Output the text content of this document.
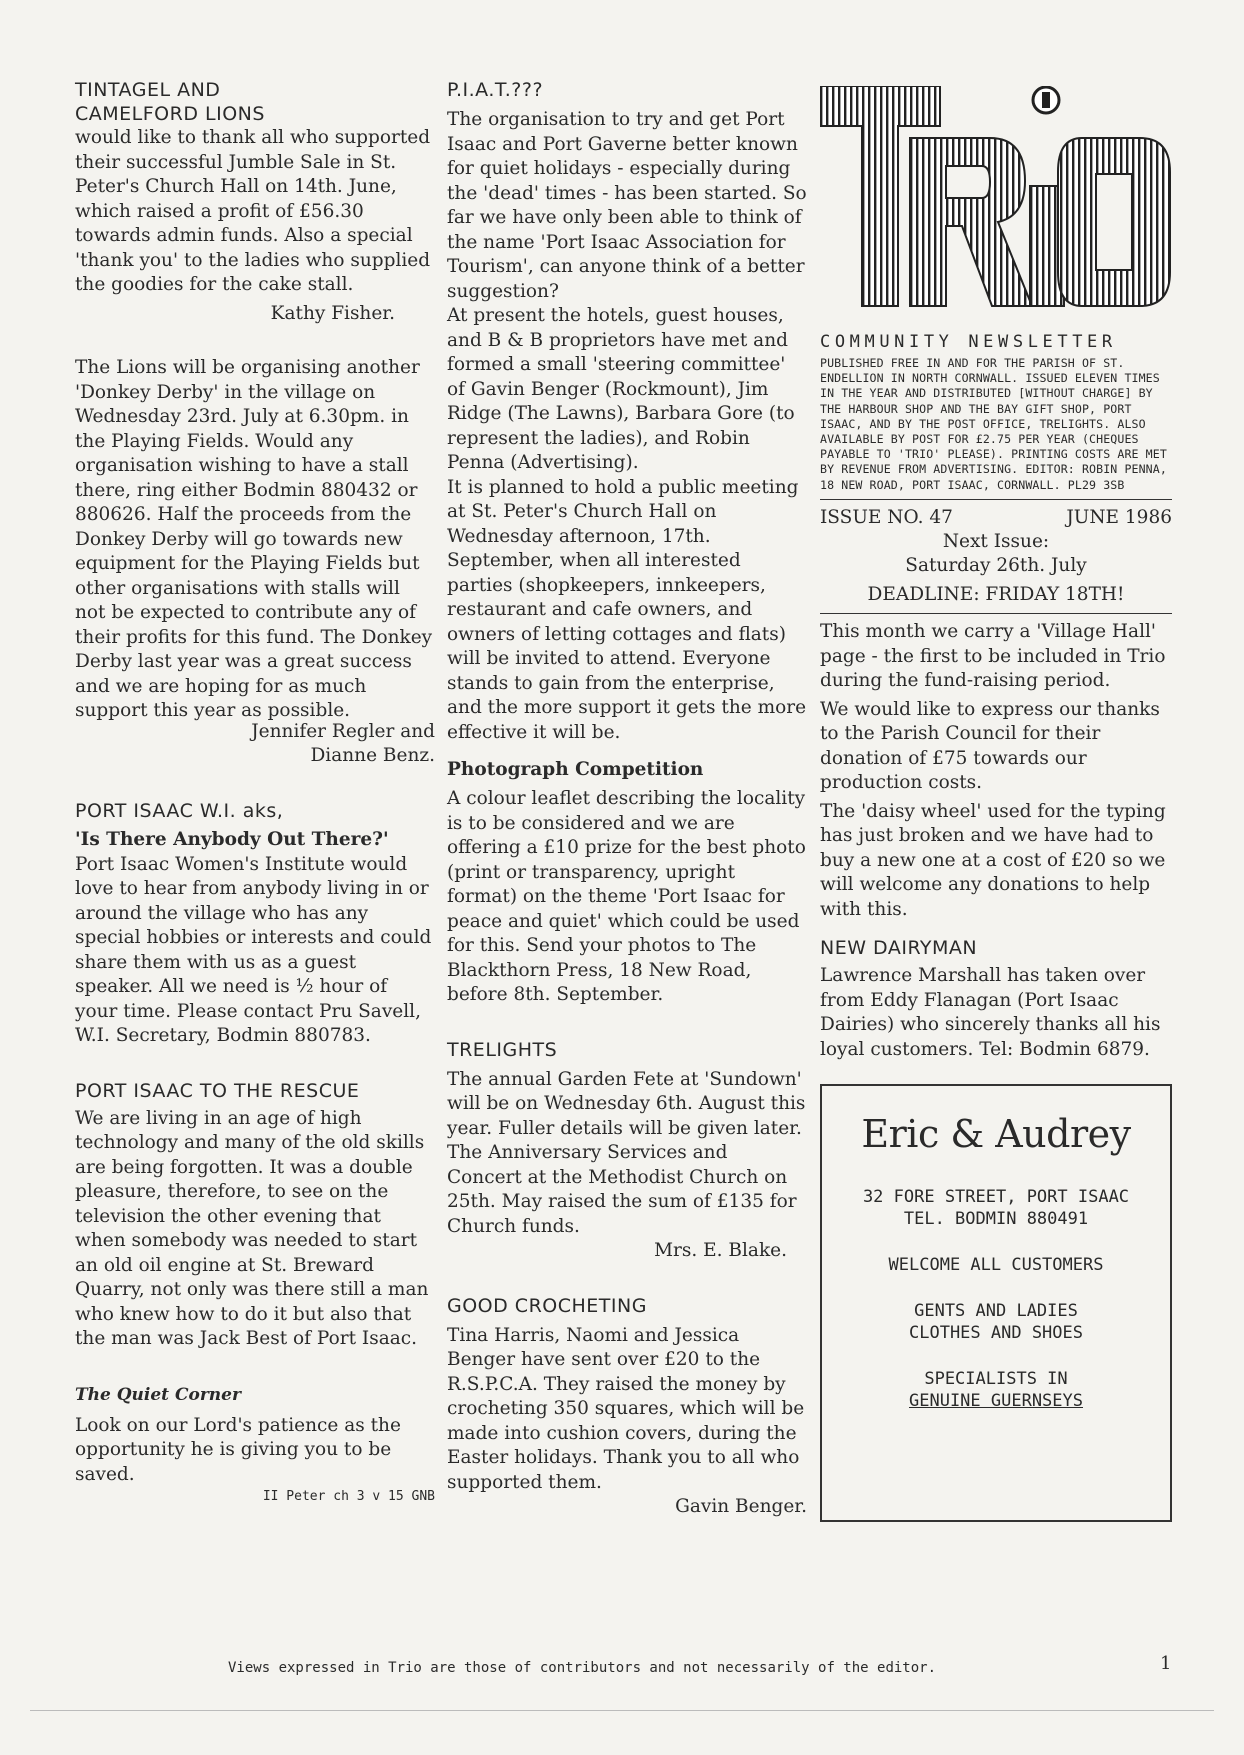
TINTAGEL AND
CAMELFORD LIONS

would like to thank all who supported their successful Jumble Sale in St. Peter's Church Hall on 14th. June, which raised a profit of £56.30 towards admin funds. Also a special 'thank you' to the ladies who supplied the goodies for the cake stall.

Kathy Fisher.

The Lions will be organising another 'Donkey Derby' in the village on Wednesday 23rd. July at 6.30pm. in the Playing Fields. Would any organisation wishing to have a stall there, ring either Bodmin 880432 or 880626. Half the proceeds from the Donkey Derby will go towards new equipment for the Playing Fields but other organisations with stalls will not be expected to contribute any of their profits for this fund. The Donkey Derby last year was a great success and we are hoping for as much support this year as possible.

Jennifer Regler and

Dianne Benz.

PORT ISAAC W.I. aks,

'Is There Anybody Out There?'

Port Isaac Women's Institute would love to hear from anybody living in or around the village who has any special hobbies or interests and could share them with us as a guest speaker. All we need is ½ hour of your time. Please contact Pru Savell, W.I. Secretary, Bodmin 880783.

PORT ISAAC TO THE RESCUE

We are living in an age of high technology and many of the old skills are being forgotten. It was a double pleasure, therefore, to see on the television the other evening that when somebody was needed to start an old oil engine at St. Breward Quarry, not only was there still a man who knew how to do it but also that the man was Jack Best of Port Isaac.

The Quiet Corner

Look on our Lord's patience as the opportunity he is giving you to be saved.

II Peter ch 3 v 15 GNB

P.I.A.T.???

The organisation to try and get Port Isaac and Port Gaverne better known for quiet holidays - especially during the 'dead' times - has been started. So far we have only been able to think of the name 'Port Isaac Association for Tourism', can anyone think of a better suggestion?

At present the hotels, guest houses, and B & B proprietors have met and formed a small 'steering committee' of Gavin Benger (Rockmount), Jim Ridge (The Lawns), Barbara Gore (to represent the ladies), and Robin Penna (Advertising).

It is planned to hold a public meeting at St. Peter's Church Hall on Wednesday afternoon, 17th. September, when all interested parties (shopkeepers, innkeepers, restaurant and cafe owners, and owners of letting cottages and flats) will be invited to attend. Everyone stands to gain from the enterprise, and the more support it gets the more effective it will be.

Photograph Competition

A colour leaflet describing the locality is to be considered and we are offering a £10 prize for the best photo (print or transparency, upright format) on the theme 'Port Isaac for peace and quiet' which could be used for this. Send your photos to The Blackthorn Press, 18 New Road, before 8th. September.

TRELIGHTS

The annual Garden Fete at 'Sundown' will be on Wednesday 6th. August this year. Fuller details will be given later.

The Anniversary Services and Concert at the Methodist Church on 25th. May raised the sum of £135 for Church funds.

Mrs. E. Blake.

GOOD CROCHETING

Tina Harris, Naomi and Jessica Benger have sent over £20 to the R.S.P.C.A. They raised the money by crocheting 350 squares, which will be made into cushion covers, during the Easter holidays. Thank you to all who supported them.

Gavin Benger.

TRiO

COMMUNITY NEWSLETTER

PUBLISHED FREE IN AND FOR THE PARISH OF ST. ENDELLION IN NORTH CORNWALL. ISSUED ELEVEN TIMES IN THE YEAR AND DISTRIBUTED [WITHOUT CHARGE] BY THE HARBOUR SHOP AND THE BAY GIFT SHOP, PORT ISAAC, AND BY THE POST OFFICE, TRELIGHTS. ALSO AVAILABLE BY POST FOR £2.75 PER YEAR (CHEQUES PAYABLE TO 'TRIO' PLEASE). PRINTING COSTS ARE MET BY REVENUE FROM ADVERTISING. EDITOR: ROBIN PENNA, 18 NEW ROAD, PORT ISAAC, CORNWALL. PL29 3SB

ISSUE NO. 47	JUNE 1986

Next Issue:

Saturday 26th. July

DEADLINE: FRIDAY 18TH!

This month we carry a 'Village Hall' page - the first to be included in Trio during the fund-raising period.

We would like to express our thanks to the Parish Council for their donation of £75 towards our production costs.

The 'daisy wheel' used for the typing has just broken and we have had to buy a new one at a cost of £20 so we will welcome any donations to help with this.

NEW DAIRYMAN

Lawrence Marshall has taken over from Eddy Flanagan (Port Isaac Dairies) who sincerely thanks all his loyal customers. Tel: Bodmin 6879.

Eric & Audrey

32 FORE STREET, PORT ISAAC

TEL. BODMIN 880491

WELCOME ALL CUSTOMERS

GENTS AND LADIES

CLOTHES AND SHOES

SPECIALISTS IN

GENUINE GUERNSEYS

Views expressed in Trio are those of contributors and not necessarily of the editor.	1
